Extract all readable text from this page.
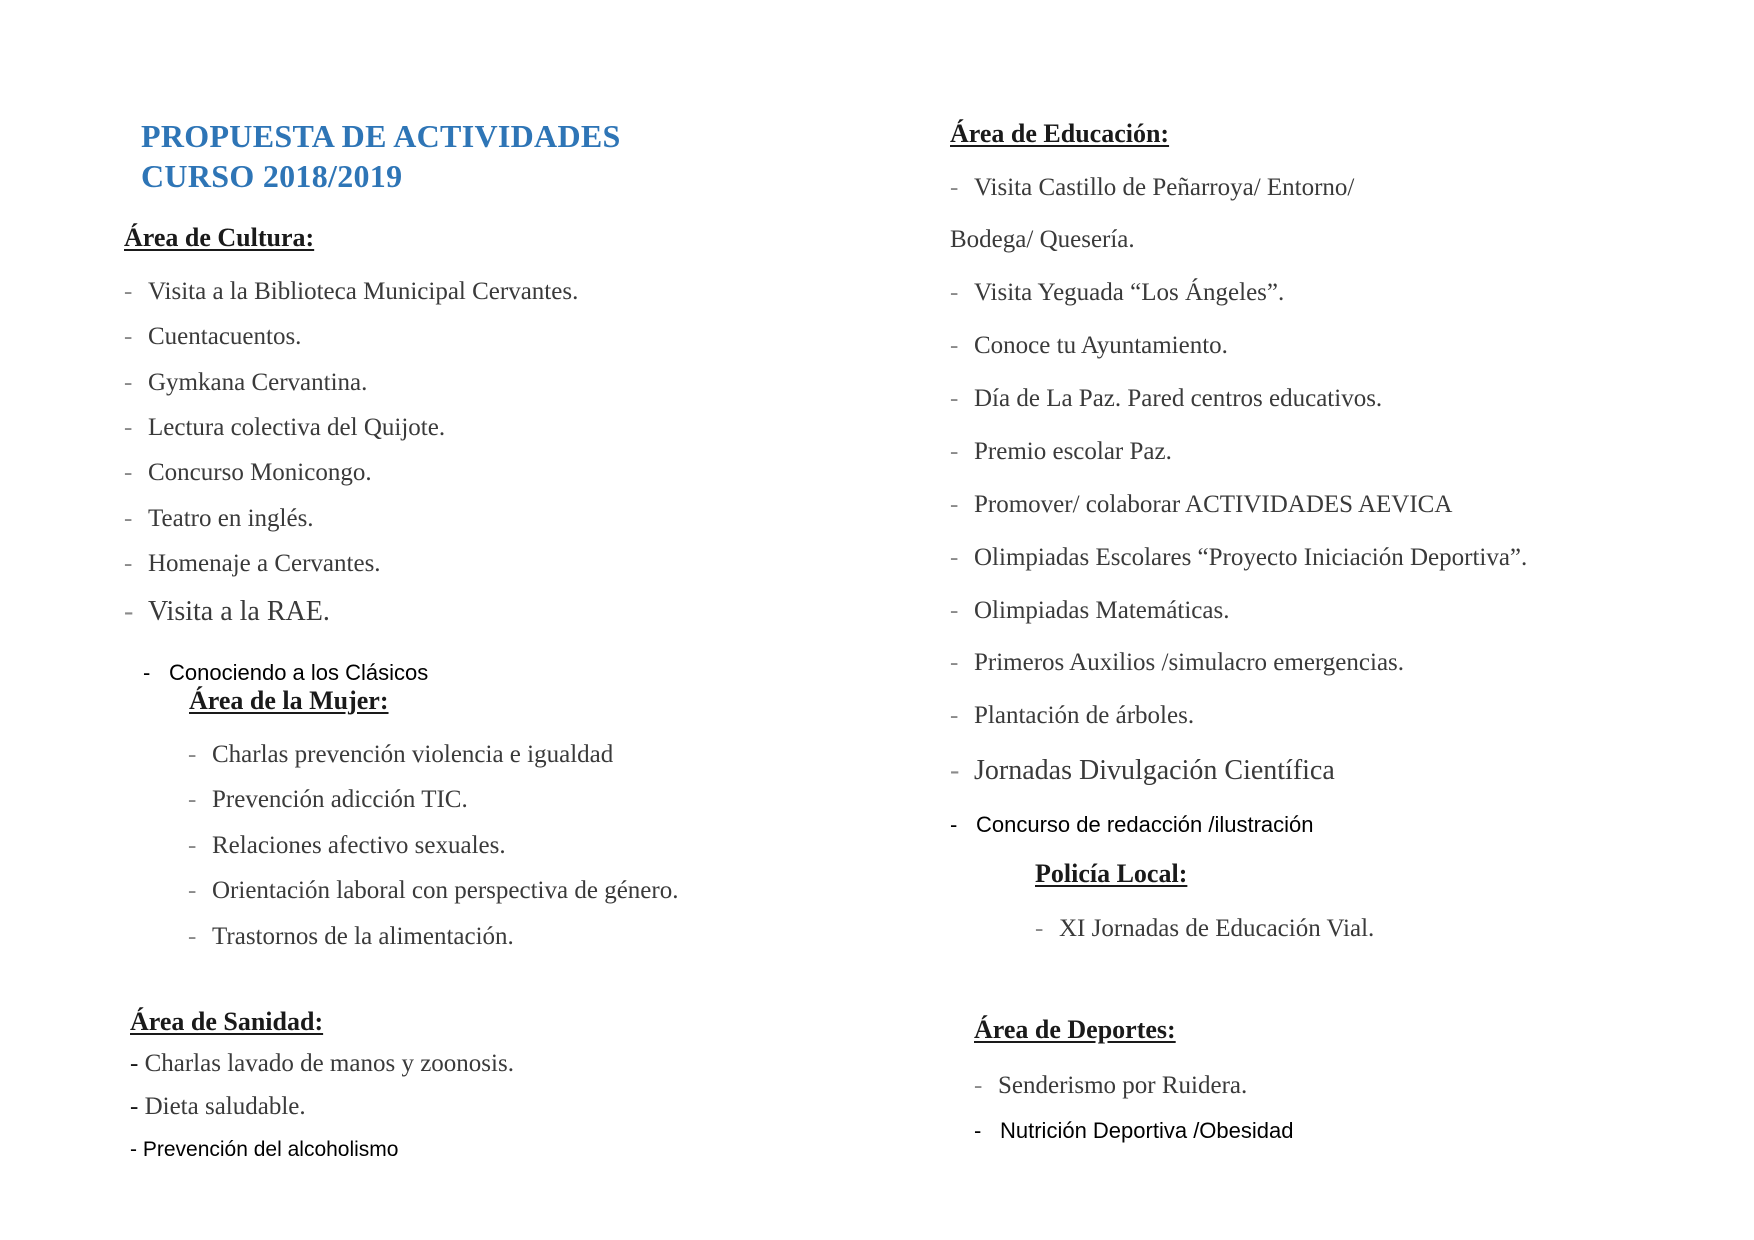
PROPUESTA DE ACTIVIDADES
CURSO 2018/2019
Área de Cultura:

- Visita a la Biblioteca Municipal Cervantes.

- Cuentacuentos.

- Gymkana Cervantina.

- Lectura colectiva del Quijote.

- Concurso Monicongo.

- Teatro en inglés.

- Homenaje a Cervantes.

- Visita a la RAE.

- Conociendo a los Clásicos

Área de la Mujer:

- Charlas prevención violencia e igualdad

- Prevención adicción TIC.

- Relaciones afectivo sexuales.

- Orientación laboral con perspectiva de género.

- Trastornos de la alimentación.

Área de Sanidad:

- Charlas lavado de manos y zoonosis.

- Dieta saludable.

- Prevención del alcoholismo

Área de Educación:

- Visita Castillo de Peñarroya/ Entorno/

Bodega/ Quesería.

- Visita Yeguada “Los Ángeles”.

- Conoce tu Ayuntamiento.

- Día de La Paz. Pared centros educativos.

- Premio escolar Paz.

- Promover/ colaborar ACTIVIDADES AEVICA

- Olimpiadas Escolares “Proyecto Iniciación Deportiva”.

- Olimpiadas Matemáticas.

- Primeros Auxilios /simulacro emergencias.

- Plantación de árboles.

- Jornadas Divulgación Científica

- Concurso de redacción /ilustración

Policía Local:

- XI Jornadas de Educación Vial.

Área de Deportes:

- Senderismo por Ruidera.

- Nutrición Deportiva /Obesidad
